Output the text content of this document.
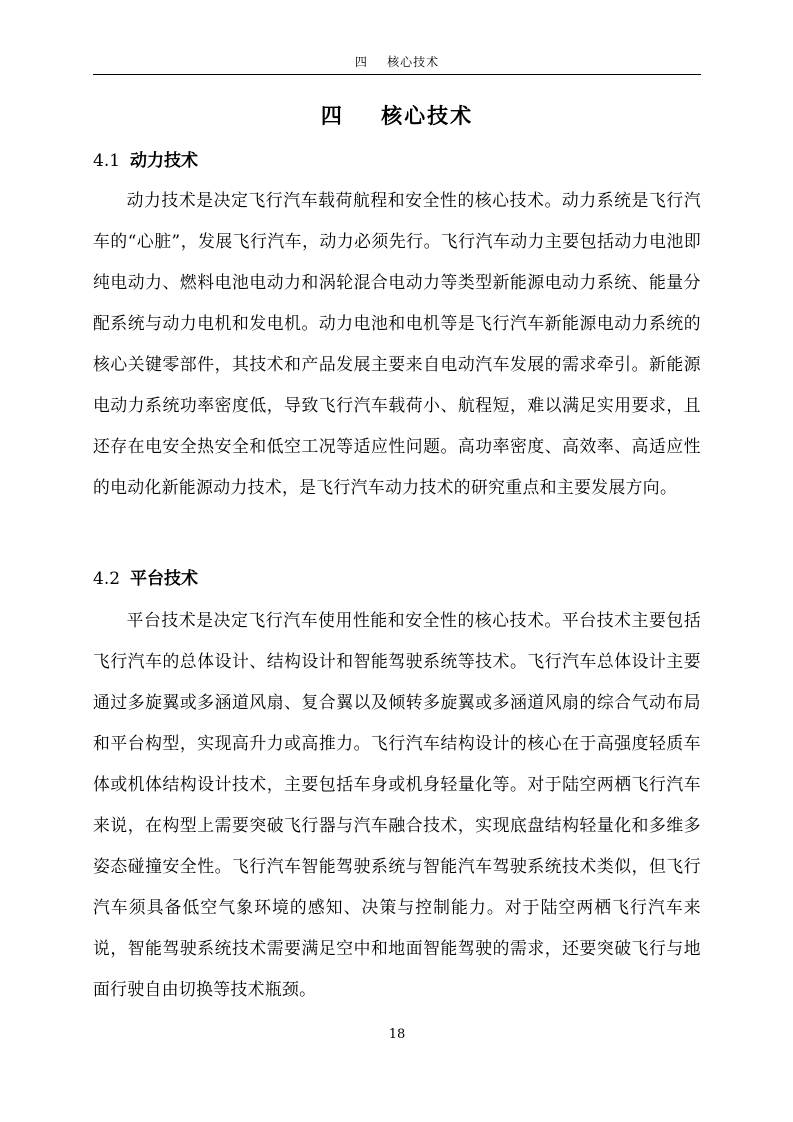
四    核心技术
四    核心技术
4.1 动力技术

动力技术是决定飞行汽车载荷航程和安全性的核心技术。动力系统是飞行汽车的“心脏”，发展飞行汽车，动力必须先行。飞行汽车动力主要包括动力电池即纯电动力、燃料电池电动力和涡轮混合电动力等类型新能源电动力系统、能量分配系统与动力电机和发电机。动力电池和电机等是飞行汽车新能源电动力系统的核心关键零部件，其技术和产品发展主要来自电动汽车发展的需求牵引。新能源电动力系统功率密度低，导致飞行汽车载荷小、航程短，难以满足实用要求，且还存在电安全热安全和低空工况等适应性问题。高功率密度、高效率、高适应性的电动化新能源动力技术，是飞行汽车动力技术的研究重点和主要发展方向。

4.2 平台技术

平台技术是决定飞行汽车使用性能和安全性的核心技术。平台技术主要包括飞行汽车的总体设计、结构设计和智能驾驶系统等技术。飞行汽车总体设计主要通过多旋翼或多涵道风扇、复合翼以及倾转多旋翼或多涵道风扇的综合气动布局和平台构型，实现高升力或高推力。飞行汽车结构设计的核心在于高强度轻质车体或机体结构设计技术，主要包括车身或机身轻量化等。对于陆空两栖飞行汽车来说，在构型上需要突破飞行器与汽车融合技术，实现底盘结构轻量化和多维多姿态碰撞安全性。飞行汽车智能驾驶系统与智能汽车驾驶系统技术类似，但飞行汽车须具备低空气象环境的感知、决策与控制能力。对于陆空两栖飞行汽车来说，智能驾驶系统技术需要满足空中和地面智能驾驶的需求，还要突破飞行与地面行驶自由切换等技术瓶颈。

18
